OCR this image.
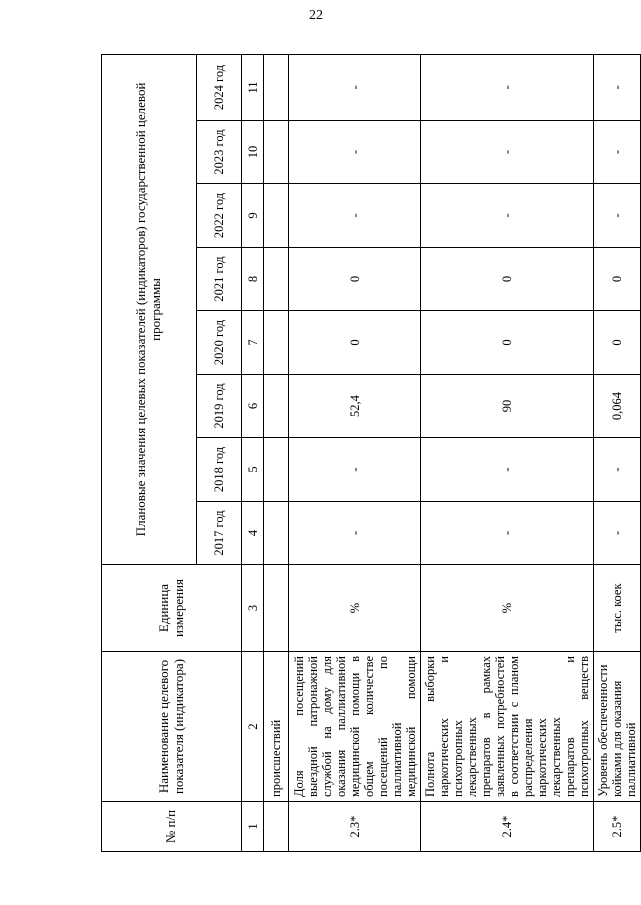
22
№ п/п	Наименование целевого показателя (индикатора)	Единица измерения	Плановые значения целевых показателей (индикаторов) государственной целевой программы							
			2017 год	2018 год	2019 год	2020 год	2021 год	2022 год	2023 год	2024 год
1	2	3	4	5	6	7	8	9	10	11
	происшествий									
2.3*	Доля посещений выездной патронажной службой на дому для оказания паллиативной медицинской помощи в общем количестве посещений по паллиативной медицинской помощи	%	-	-	52,4	0	0	-	-	-
2.4*	Полнота выборки наркотических и психотропных лекарственных препаратов в рамках заявленных потребностей в соответствии с планом распределения наркотических лекарственных препаратов и психотропных веществ	%	-	-	90	0	0	-	-	-
2.5*	Уровень обеспеченности койками для оказания паллиативной	тыс. коек	-	-	0,064	0	0	-	-	-
